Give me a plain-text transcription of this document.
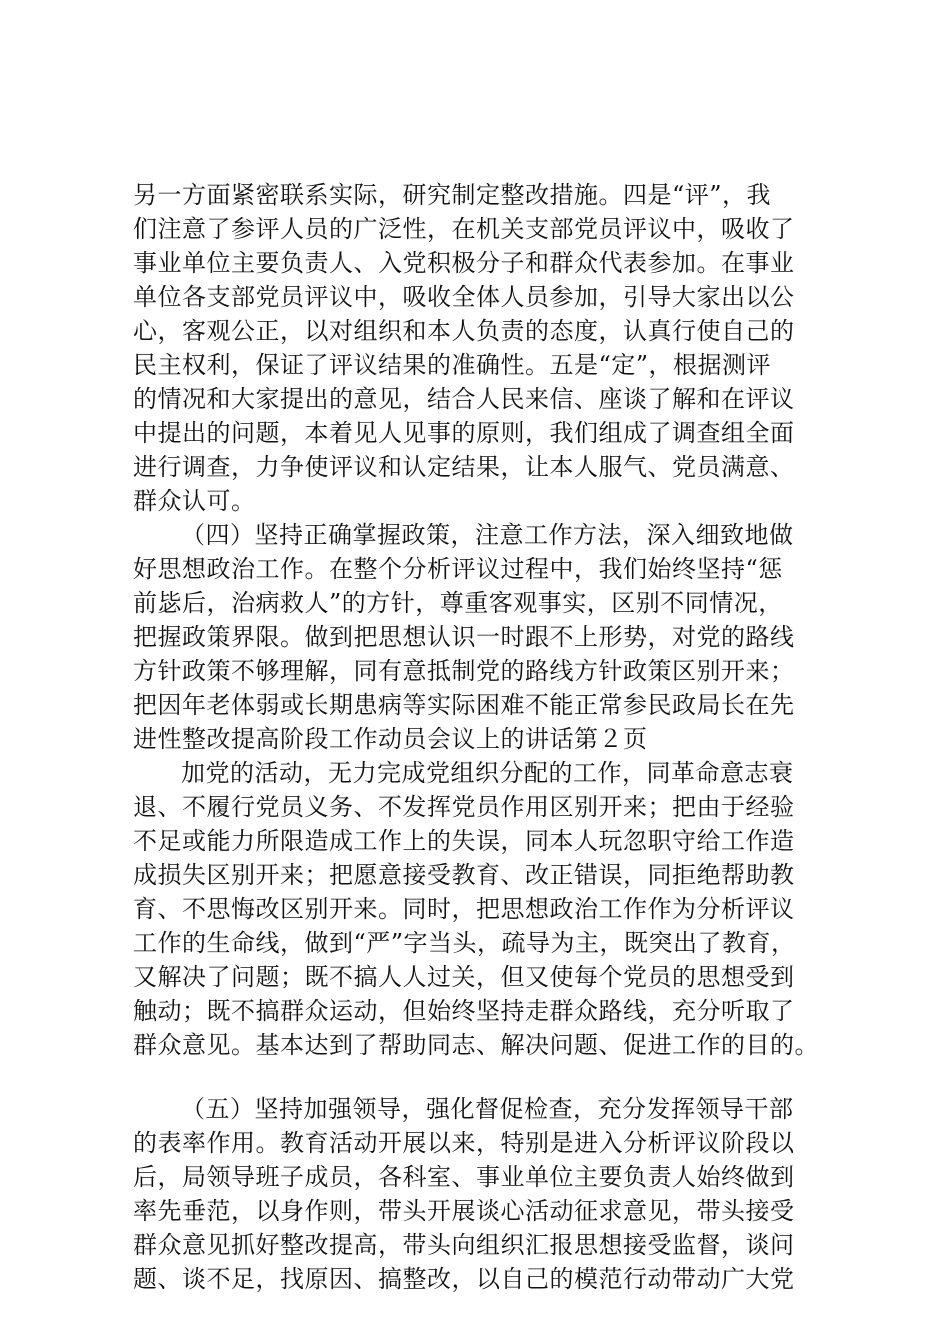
另一方面紧密联系实际，研究制定整改措施。四是“评”，我
们注意了参评人员的广泛性，在机关支部党员评议中，吸收了
事业单位主要负责人、入党积极分子和群众代表参加。在事业
单位各支部党员评议中，吸收全体人员参加，引导大家出以公
心，客观公正，以对组织和本人负责的态度，认真行使自己的
民主权利，保证了评议结果的准确性。五是“定”，根据测评
的情况和大家提出的意见，结合人民来信、座谈了解和在评议
中提出的问题，本着见人见事的原则，我们组成了调查组全面
进行调查，力争使评议和认定结果，让本人服气、党员满意、
群众认可。
（四）坚持正确掌握政策，注意工作方法，深入细致地做
好思想政治工作。在整个分析评议过程中，我们始终坚持“惩
前毖后，治病救人”的方针，尊重客观事实，区别不同情况，
把握政策界限。做到把思想认识一时跟不上形势，对党的路线
方针政策不够理解，同有意抵制党的路线方针政策区别开来；
把因年老体弱或长期患病等实际困难不能正常参民政局长在先
进性整改提高阶段工作动员会议上的讲话第２页
加党的活动，无力完成党组织分配的工作，同革命意志衰
退、不履行党员义务、不发挥党员作用区别开来；把由于经验
不足或能力所限造成工作上的失误，同本人玩忽职守给工作造
成损失区别开来；把愿意接受教育、改正错误，同拒绝帮助教
育、不思悔改区别开来。同时，把思想政治工作作为分析评议
工作的生命线，做到“严”字当头，疏导为主，既突出了教育，
又解决了问题；既不搞人人过关，但又使每个党员的思想受到
触动；既不搞群众运动，但始终坚持走群众路线，充分听取了
群众意见。基本达到了帮助同志、解决问题、促进工作的目的。
（五）坚持加强领导，强化督促检查，充分发挥领导干部
的表率作用。教育活动开展以来，特别是进入分析评议阶段以
后，局领导班子成员，各科室、事业单位主要负责人始终做到
率先垂范，以身作则，带头开展谈心活动征求意见，带头接受
群众意见抓好整改提高，带头向组织汇报思想接受监督，谈问
题、谈不足，找原因、搞整改，以自己的模范行动带动广大党
